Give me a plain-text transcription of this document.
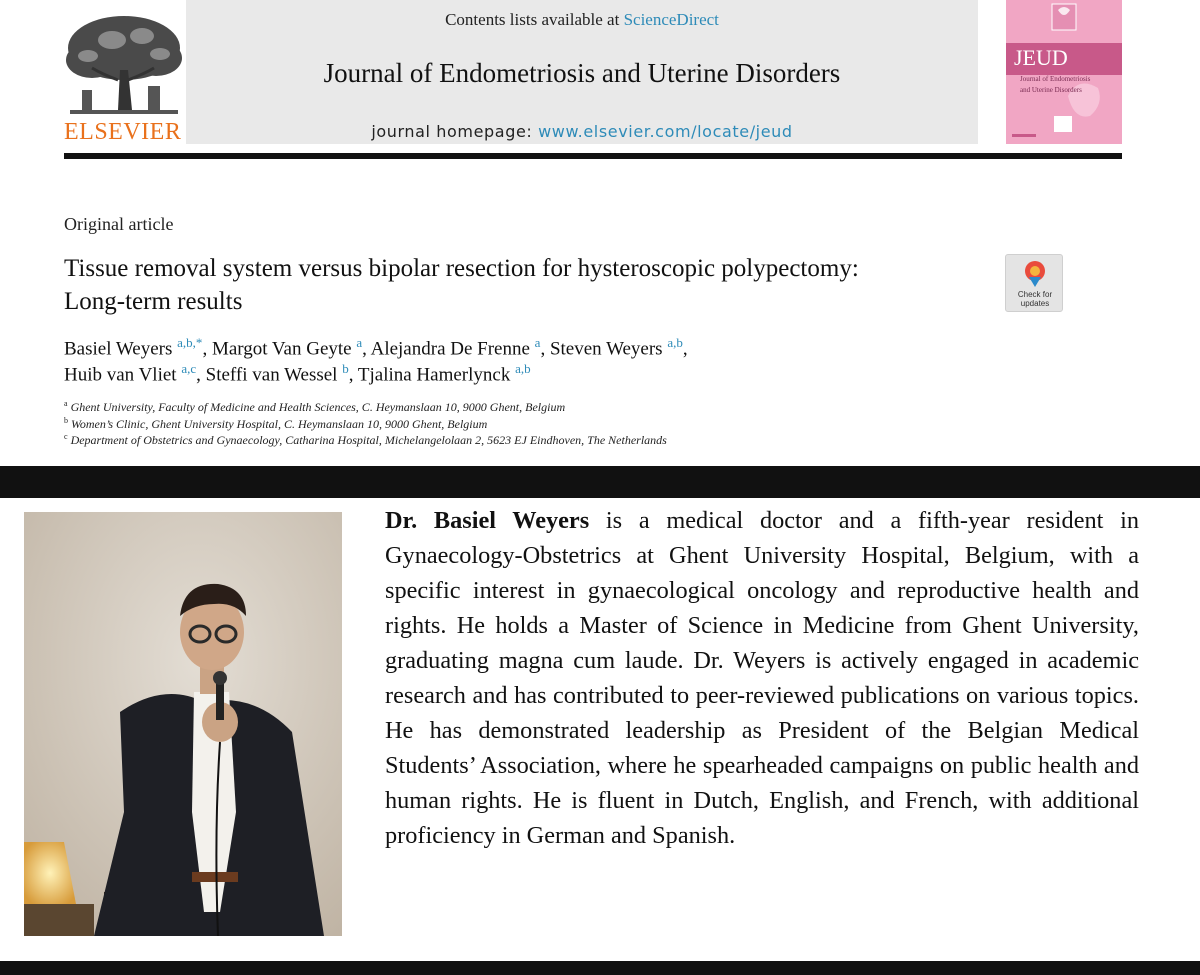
ELSEVIER
Contents lists available at ScienceDirect
Journal of Endometriosis and Uterine Disorders
journal homepage: www.elsevier.com/locate/jeud
JEUD
Journal of Endometriosis
and Uterine Disorders
Original article
Tissue removal system versus bipolar resection for hysteroscopic polypectomy: Long-term results	Check for updates
Basiel Weyers $^{a,b,*}$, Margot Van Geyte $^a$, Alejandra De Frenne $^a$, Steven Weyers $^{a,b}$,
Huib van Vliet $^{a,c}$, Steffi van Wessel $^b$, Tjalina Hamerlynck $^{a,b}$
$^a$ Ghent University, Faculty of Medicine and Health Sciences, C. Heymanslaan 10, 9000 Ghent, Belgium
$^b$ Women’s Clinic, Ghent University Hospital, C. Heymanslaan 10, 9000 Ghent, Belgium
$^c$ Department of Obstetrics and Gynaecology, Catharina Hospital, Michelangelolaan 2, 5623 EJ Eindhoven, The Netherlands
Dr. Basiel Weyers is a medical doctor and a fifth-year resident in Gynaecology-Obstetrics at Ghent University Hospital, Belgium, with a specific interest in gynaecological oncology and reproductive health and rights. He holds a Master of Science in Medicine from Ghent University, graduating magna cum laude. Dr. Weyers is actively engaged in academic research and has contributed to peer-reviewed publications on various topics. He has demonstrated leadership as President of the Belgian Medical Students’ Association, where he spearheaded campaigns on public health and human rights. He is fluent in Dutch, English, and French, with additional proficiency in German and Spanish.
